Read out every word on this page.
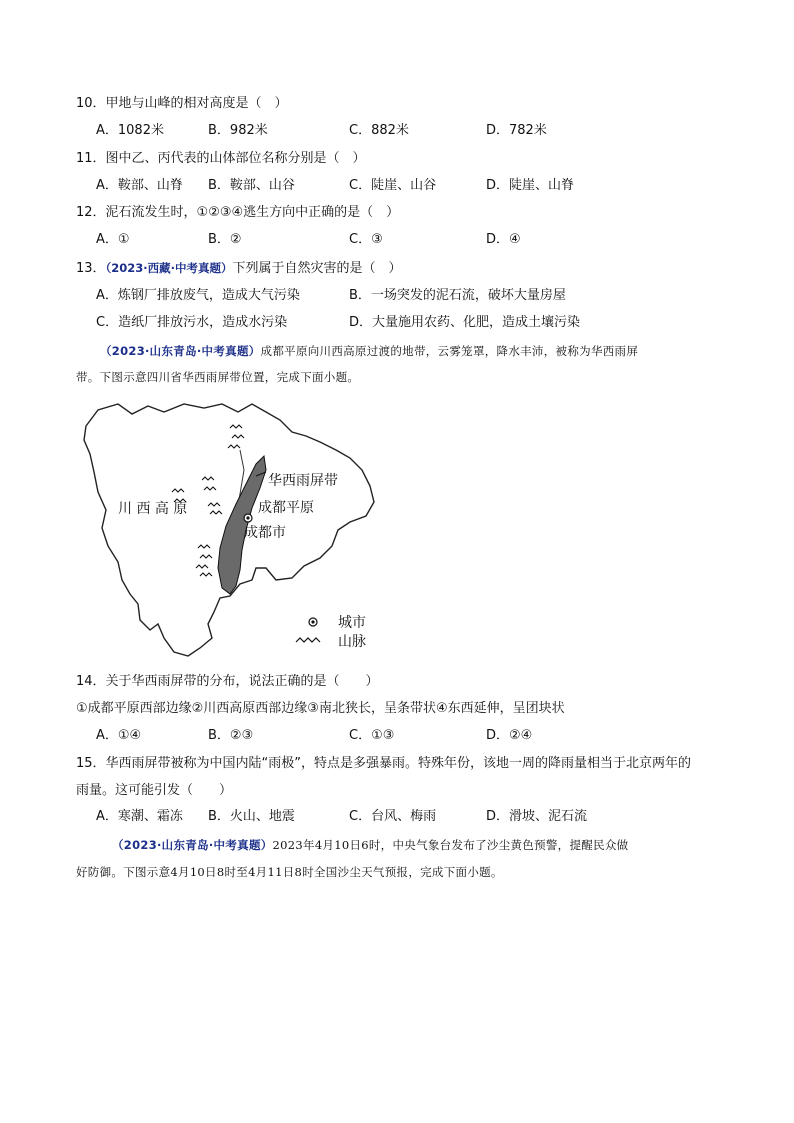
10．甲地与山峰的相对高度是（　）
A．1082米	B．982米	C．882米	D．782米
11．图中乙、丙代表的山体部位名称分别是（　）
A．鞍部、山脊 B．鞍部、山谷	C．陡崖、山谷	D．陡崖、山脊
12．泥石流发生时，①②③④逃生方向中正确的是（　）
A．①	B．②	C．③	D．④
13．（2023·西藏·中考真题）下列属于自然灾害的是（　）
A．炼钢厂排放废气，造成大气污染	B．一场突发的泥石流，破坏大量房屋
C．造纸厂排放污水，造成水污染	D．大量施用农药、化肥，造成土壤污染
（2023·山东青岛·中考真题）成都平原向川西高原过渡的地带，云雾笼罩，降水丰沛，被称为华西雨屏
带。下图示意四川省华西雨屏带位置，完成下面小题。
华西雨屏带
川 西 高 原	成都平原
成都市
城市
山脉
14．关于华西雨屏带的分布，说法正确的是（　　）
①成都平原西部边缘②川西高原西部边缘③南北狭长，呈条带状④东西延伸，呈团块状
A．①④	B．②③	C．①③	D．②④
15．华西雨屏带被称为中国内陆“雨极”，特点是多强暴雨。特殊年份，该地一周的降雨量相当于北京两年的
雨量。这可能引发（　　）
A．寒潮、霜冻 B．火山、地震	C．台风、梅雨	D．滑坡、泥石流
（2023·山东青岛·中考真题）2023年4月10日6时，中央气象台发布了沙尘黄色预警，提醒民众做
好防御。下图示意4月10日8时至4月11日8时全国沙尘天气预报，完成下面小题。
